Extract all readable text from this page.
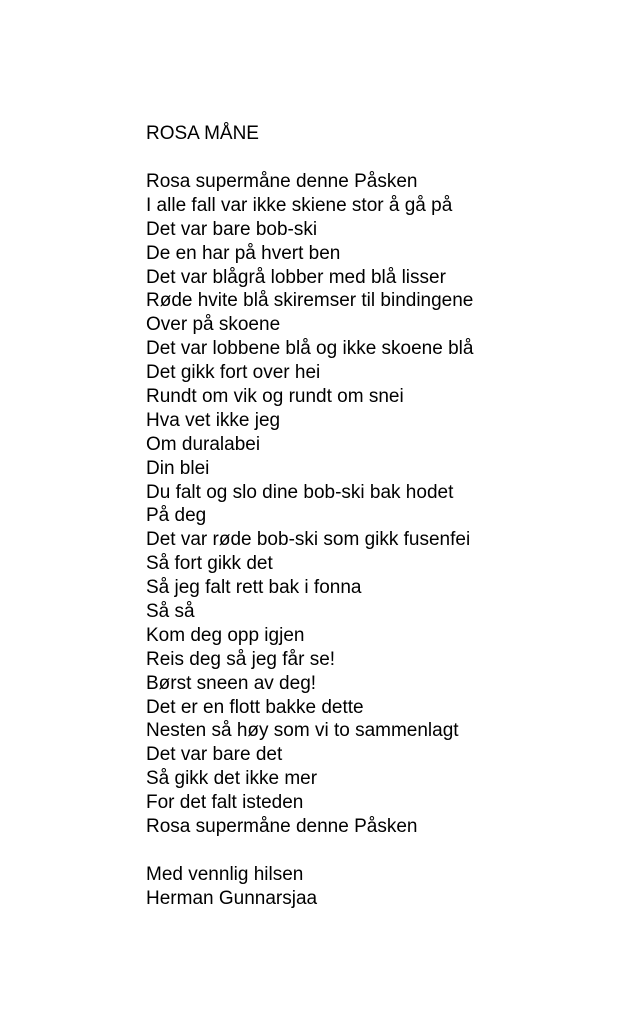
ROSA MÅNE
Rosa supermåne denne Påsken
I alle fall var ikke skiene stor å gå på
Det var bare bob-ski
De en har på hvert ben
Det var blågrå lobber med blå lisser
Røde hvite blå skiremser til bindingene
Over på skoene
Det var lobbene blå og ikke skoene blå
Det gikk fort over hei
Rundt om vik og rundt om snei
Hva vet ikke jeg
Om duralabei
Din blei
Du falt og slo dine bob-ski bak hodet
På deg
Det var røde bob-ski som gikk fusenfei
Så fort gikk det
Så jeg falt rett bak i fonna
Så så
Kom deg opp igjen
Reis deg så jeg får se!
Børst sneen av deg!
Det er en flott bakke dette
Nesten så høy som vi to sammenlagt
Det var bare det
Så gikk det ikke mer
For det falt isteden
Rosa supermåne denne Påsken
Med vennlig hilsen
Herman Gunnarsjaa
